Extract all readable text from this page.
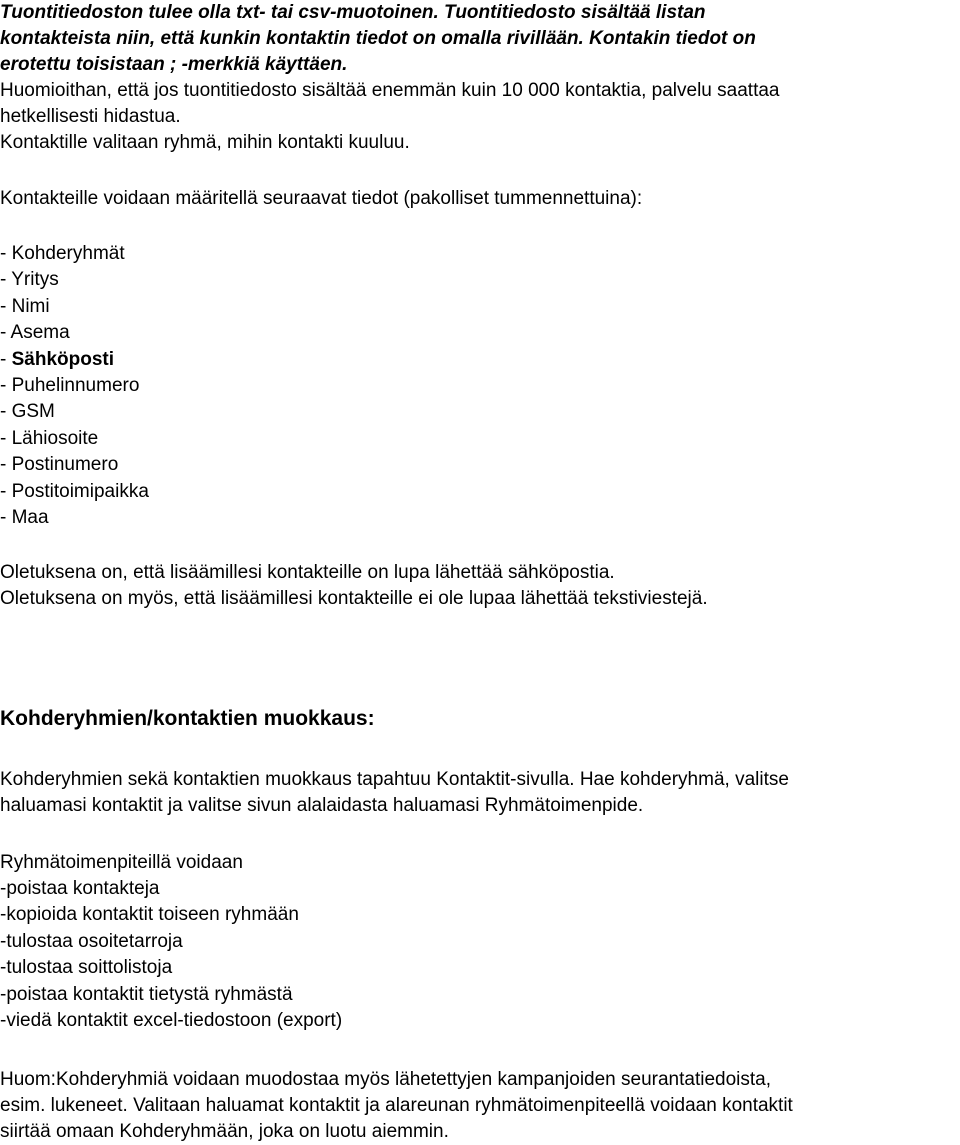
Tuontitiedoston tulee olla txt- tai csv-muotoinen. Tuontitiedosto sisältää listan
kontakteista niin, että kunkin kontaktin tiedot on omalla rivillään. Kontakin tiedot on
erotettu toisistaan ; -merkkiä käyttäen.
Huomioithan, että jos tuontitiedosto sisältää enemmän kuin 10 000 kontaktia, palvelu saattaa
hetkellisesti hidastua.
Kontaktille valitaan ryhmä, mihin kontakti kuuluu.
Kontakteille voidaan määritellä seuraavat tiedot (pakolliset tummennettuina):
- Kohderyhmät
- Yritys
- Nimi
- Asema
- Sähköposti
- Puhelinnumero
- GSM
- Lähiosoite
- Postinumero
- Postitoimipaikka
- Maa
Oletuksena on, että lisäämillesi kontakteille on lupa lähettää sähköpostia.
Oletuksena on myös, että lisäämillesi kontakteille ei ole lupaa lähettää tekstiviestejä.
Kohderyhmien/kontaktien muokkaus:
Kohderyhmien sekä kontaktien muokkaus tapahtuu Kontaktit-sivulla. Hae kohderyhmä, valitse
haluamasi kontaktit ja valitse sivun alalaidasta haluamasi Ryhmätoimenpide.
Ryhmätoimenpiteillä voidaan
-poistaa kontakteja
-kopioida kontaktit toiseen ryhmään
-tulostaa osoitetarroja
-tulostaa soittolistoja
-poistaa kontaktit tietystä ryhmästä
-viedä kontaktit excel-tiedostoon (export)
Huom:Kohderyhmiä voidaan muodostaa myös lähetettyjen kampanjoiden seurantatiedoista,
esim. lukeneet. Valitaan haluamat kontaktit ja alareunan ryhmätoimenpiteellä voidaan kontaktit
siirtää omaan Kohderyhmään, joka on luotu aiemmin.
